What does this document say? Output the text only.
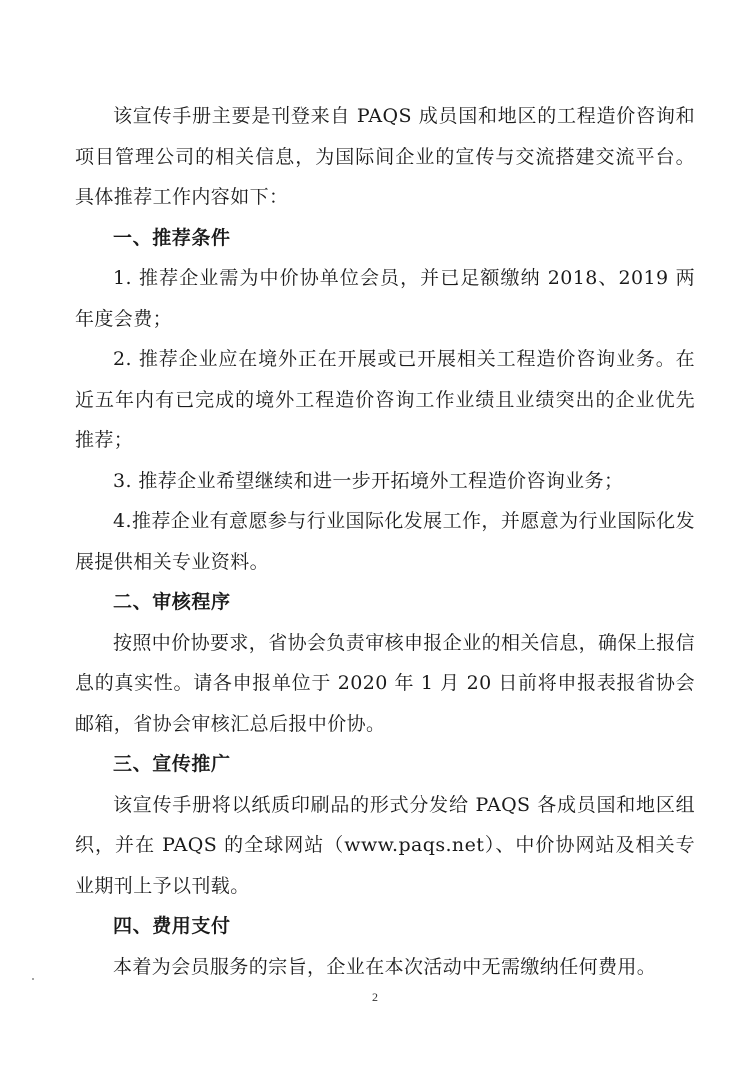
该宣传手册主要是刊登来自 PAQS 成员国和地区的工程造价咨询和项目管理公司的相关信息，为国际间企业的宣传与交流搭建交流平台。具体推荐工作内容如下：

一、推荐条件

1. 推荐企业需为中价协单位会员，并已足额缴纳 2018、2019 两年度会费；

2. 推荐企业应在境外正在开展或已开展相关工程造价咨询业务。在近五年内有已完成的境外工程造价咨询工作业绩且业绩突出的企业优先推荐；

3. 推荐企业希望继续和进一步开拓境外工程造价咨询业务；

4.推荐企业有意愿参与行业国际化发展工作，并愿意为行业国际化发展提供相关专业资料。

二、审核程序

按照中价协要求，省协会负责审核申报企业的相关信息，确保上报信息的真实性。请各申报单位于 2020 年 1 月 20 日前将申报表报省协会邮箱，省协会审核汇总后报中价协。

三、宣传推广

该宣传手册将以纸质印刷品的形式分发给 PAQS 各成员国和地区组织，并在 PAQS 的全球网站（www.paqs.net）、中价协网站及相关专业期刊上予以刊载。

四、费用支付

本着为会员服务的宗旨，企业在本次活动中无需缴纳任何费用。

2
